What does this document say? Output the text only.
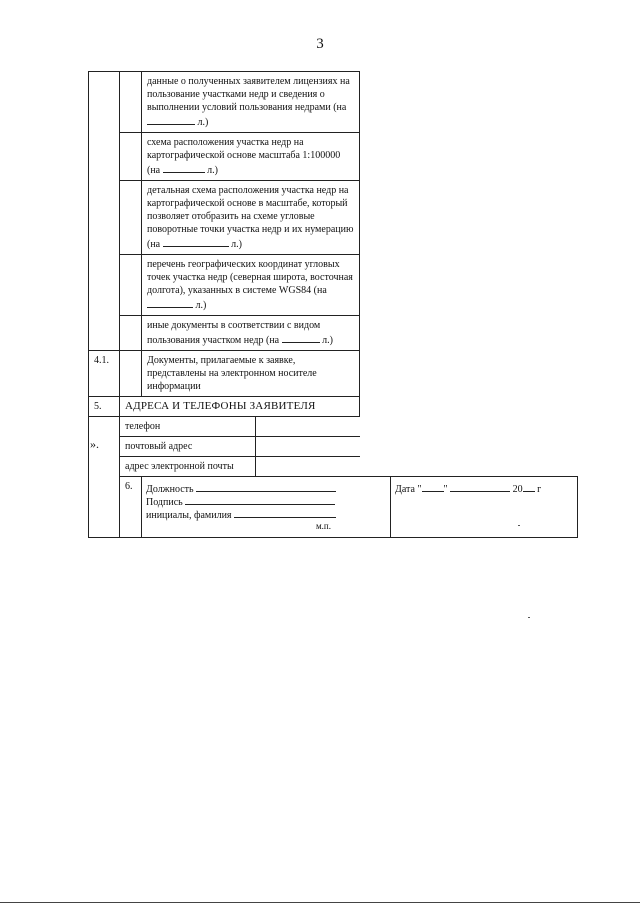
3
		данные о полученных заявителем лицензиях на пользование участками недр и сведения о выполнении условий пользования недрами (на  л.)
	схема расположения участка недр на картографической основе масштаба 1:100000 (на	л.)
	детальная схема расположения участка недр на картографической основе в масштабе, который позволяет отобразить на схеме угловые поворотные точки участка недр и их нумерацию (на	л.)
	перечень географических координат угловых точек участка недр (северная широта, восточная долгота), указанных в системе WGS84 (на  л.)
	иные документы в соответствии с видом пользования участком недр (на	л.)
4.1.		Документы, прилагаемые к заявке, представлены на электронном носителе информации
5.	АДРЕСА И ТЕЛЕФОНЫ ЗАЯВИТЕЛЯ

телефон	
почтовый адрес	
адрес электронной почты	

6.	Должность
Подпись
инициалы, фамилия
м.п.
	Дата " "	20 г
».
